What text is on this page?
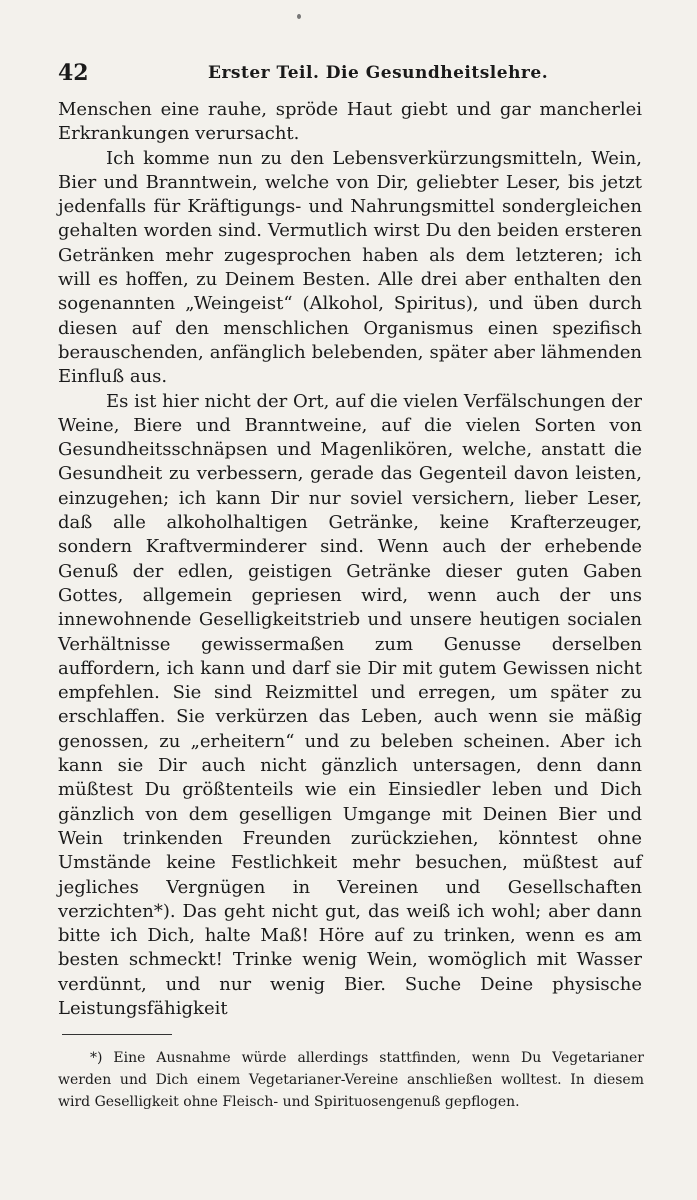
42	Erster Teil. Die Gesundheitslehre.

Menschen eine rauhe, spröde Haut giebt und gar mancherlei Erkrankungen verursacht.

Ich komme nun zu den Lebensverkürzungsmitteln, Wein, Bier und Branntwein, welche von Dir, geliebter Leser, bis jetzt jedenfalls für Kräftigungs- und Nahrungsmittel sondergleichen gehalten worden sind. Vermutlich wirst Du den beiden ersteren Getränken mehr zugesprochen haben als dem letzteren; ich will es hoffen, zu Deinem Besten. Alle drei aber enthalten den sogenannten „Weingeist“ (Alkohol, Spiritus), und üben durch diesen auf den menschlichen Organismus einen spezifisch berauschenden, anfänglich belebenden, später aber lähmenden Einfluß aus.

Es ist hier nicht der Ort, auf die vielen Verfälschungen der Weine, Biere und Branntweine, auf die vielen Sorten von Gesundheitsschnäpsen und Magenlikören, welche, anstatt die Gesundheit zu verbessern, gerade das Gegenteil davon leisten, einzugehen; ich kann Dir nur soviel versichern, lieber Leser, daß alle alkoholhaltigen Getränke, keine Krafterzeuger, sondern Kraftverminderer sind. Wenn auch der erhebende Genuß der edlen, geistigen Getränke dieser guten Gaben Gottes, allgemein gepriesen wird, wenn auch der uns innewohnende Geselligkeitstrieb und unsere heutigen socialen Verhältnisse gewissermaßen zum Genusse derselben auffordern, ich kann und darf sie Dir mit gutem Gewissen nicht empfehlen. Sie sind Reizmittel und erregen, um später zu erschlaffen. Sie verkürzen das Leben, auch wenn sie mäßig genossen, zu „erheitern“ und zu beleben scheinen. Aber ich kann sie Dir auch nicht gänzlich untersagen, denn dann müßtest Du größtenteils wie ein Einsiedler leben und Dich gänzlich von dem geselligen Umgange mit Deinen Bier und Wein trinkenden Freunden zurückziehen, könntest ohne Umstände keine Festlichkeit mehr besuchen, müßtest auf jegliches Vergnügen in Vereinen und Gesellschaften verzichten*). Das geht nicht gut, das weiß ich wohl; aber dann bitte ich Dich, halte Maß! Höre auf zu trinken, wenn es am besten schmeckt! Trinke wenig Wein, womöglich mit Wasser verdünnt, und nur wenig Bier. Suche Deine physische Leistungsfähigkeit

*) Eine Ausnahme würde allerdings stattfinden, wenn Du Vegetarianer werden und Dich einem Vegetarianer-Vereine anschließen wolltest. In diesem wird Geselligkeit ohne Fleisch- und Spirituosengenuß gepflogen.
